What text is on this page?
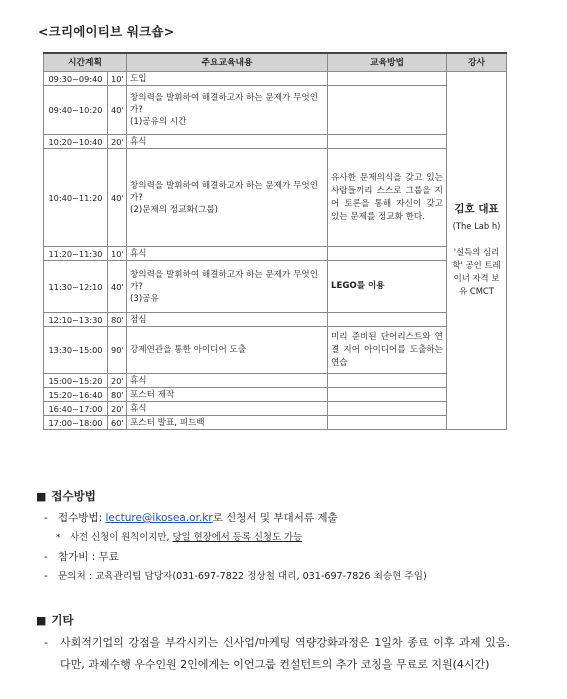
<크리에이티브 워크숍>
시간계획		주요교육내용	교육방법	강사
09:30~09:40	10'	도입		김호 대표
(The Lab h)
'설득의 심리학' 공인 트레이너 자격 보유 CMCT

09:40~10:20	40'	창의력을 발휘하여 해결하고자 하는 문제가 무엇인가?
(1)공유의 시간		
10:20~10:40	20'	휴식		
10:40~11:20	40'	창의력을 발휘하여 해결하고자 하는 문제가 무엇인가?
(2)문제의 정교화(그룹)	유사한 문제의식을 갖고 있는 사람들끼리 스스로 그룹을 지어 토론을 통해 자신이 갖고 있는 문제를 정교화 한다.	
11:20~11:30	10'	휴식		
11:30~12:10	40'	창의력을 발휘하여 해결하고자 하는 문제가 무엇인가?
(3)공유	LEGO를 이용	
12:10~13:30	80'	점심		
13:30~15:00	90'	강제연관을 통한 아이디어 도출	미리 준비된 단어리스트와 연결 지어 아이디어를 도출하는 연습	
15:00~15:20	20'	휴식		
15:20~16:40	80'	포스터 제작		
16:40~17:00	20'	휴식		
17:00~18:00	60'	포스터 발표, 피드백		
■ 접수방법
- 접수방법: lecture@ikosea.or.kr로 신청서 및 부대서류 제출
* 사전 신청이 원칙이지만, 당일 현장에서 등록 신청도 가능
- 참가비 : 무료
- 문의처 : 교육관리팀 담당자(031-697-7822 정상철 대리, 031-697-7826 최승현 주임)
■ 기타
-	사회적기업의 강점을 부각시키는 신사업/마케팅 역량강화과정은 1일차 종료 이후 과제 있음. 다만, 과제수행 우수인원 2인에게는 이언그룹 컨설턴트의 추가 코칭을 무료로 지원(4시간)
